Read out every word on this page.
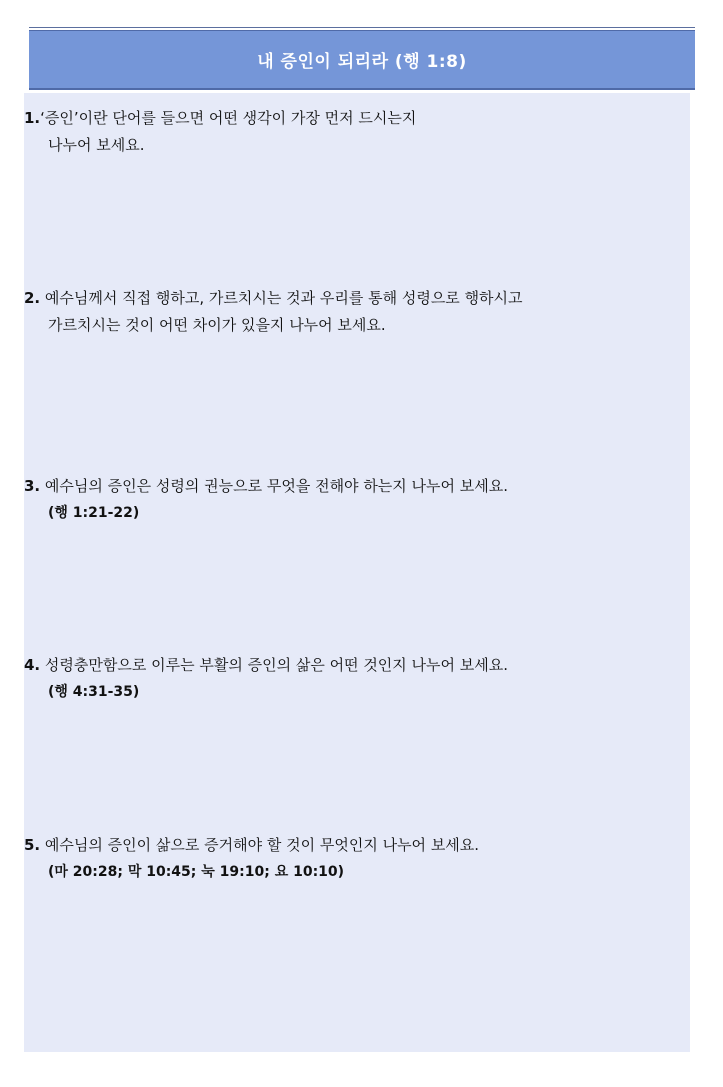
내 증인이 되리라 (행 1:8)
1.‘증인’이란 단어를 들으면 어떤 생각이 가장 먼저 드시는지
나누어 보세요.
2. 예수님께서 직접 행하고, 가르치시는 것과 우리를 통해 성령으로 행하시고
가르치시는 것이 어떤 차이가 있을지 나누어 보세요.
3. 예수님의 증인은 성령의 권능으로 무엇을 전해야 하는지 나누어 보세요.
(행 1:21-22)
4. 성령충만함으로 이루는 부활의 증인의 삶은 어떤 것인지 나누어 보세요.
(행 4:31-35)
5. 예수님의 증인이 삶으로 증거해야 할 것이 무엇인지 나누어 보세요.
(마 20:28; 막 10:45; 눅 19:10; 요 10:10)
